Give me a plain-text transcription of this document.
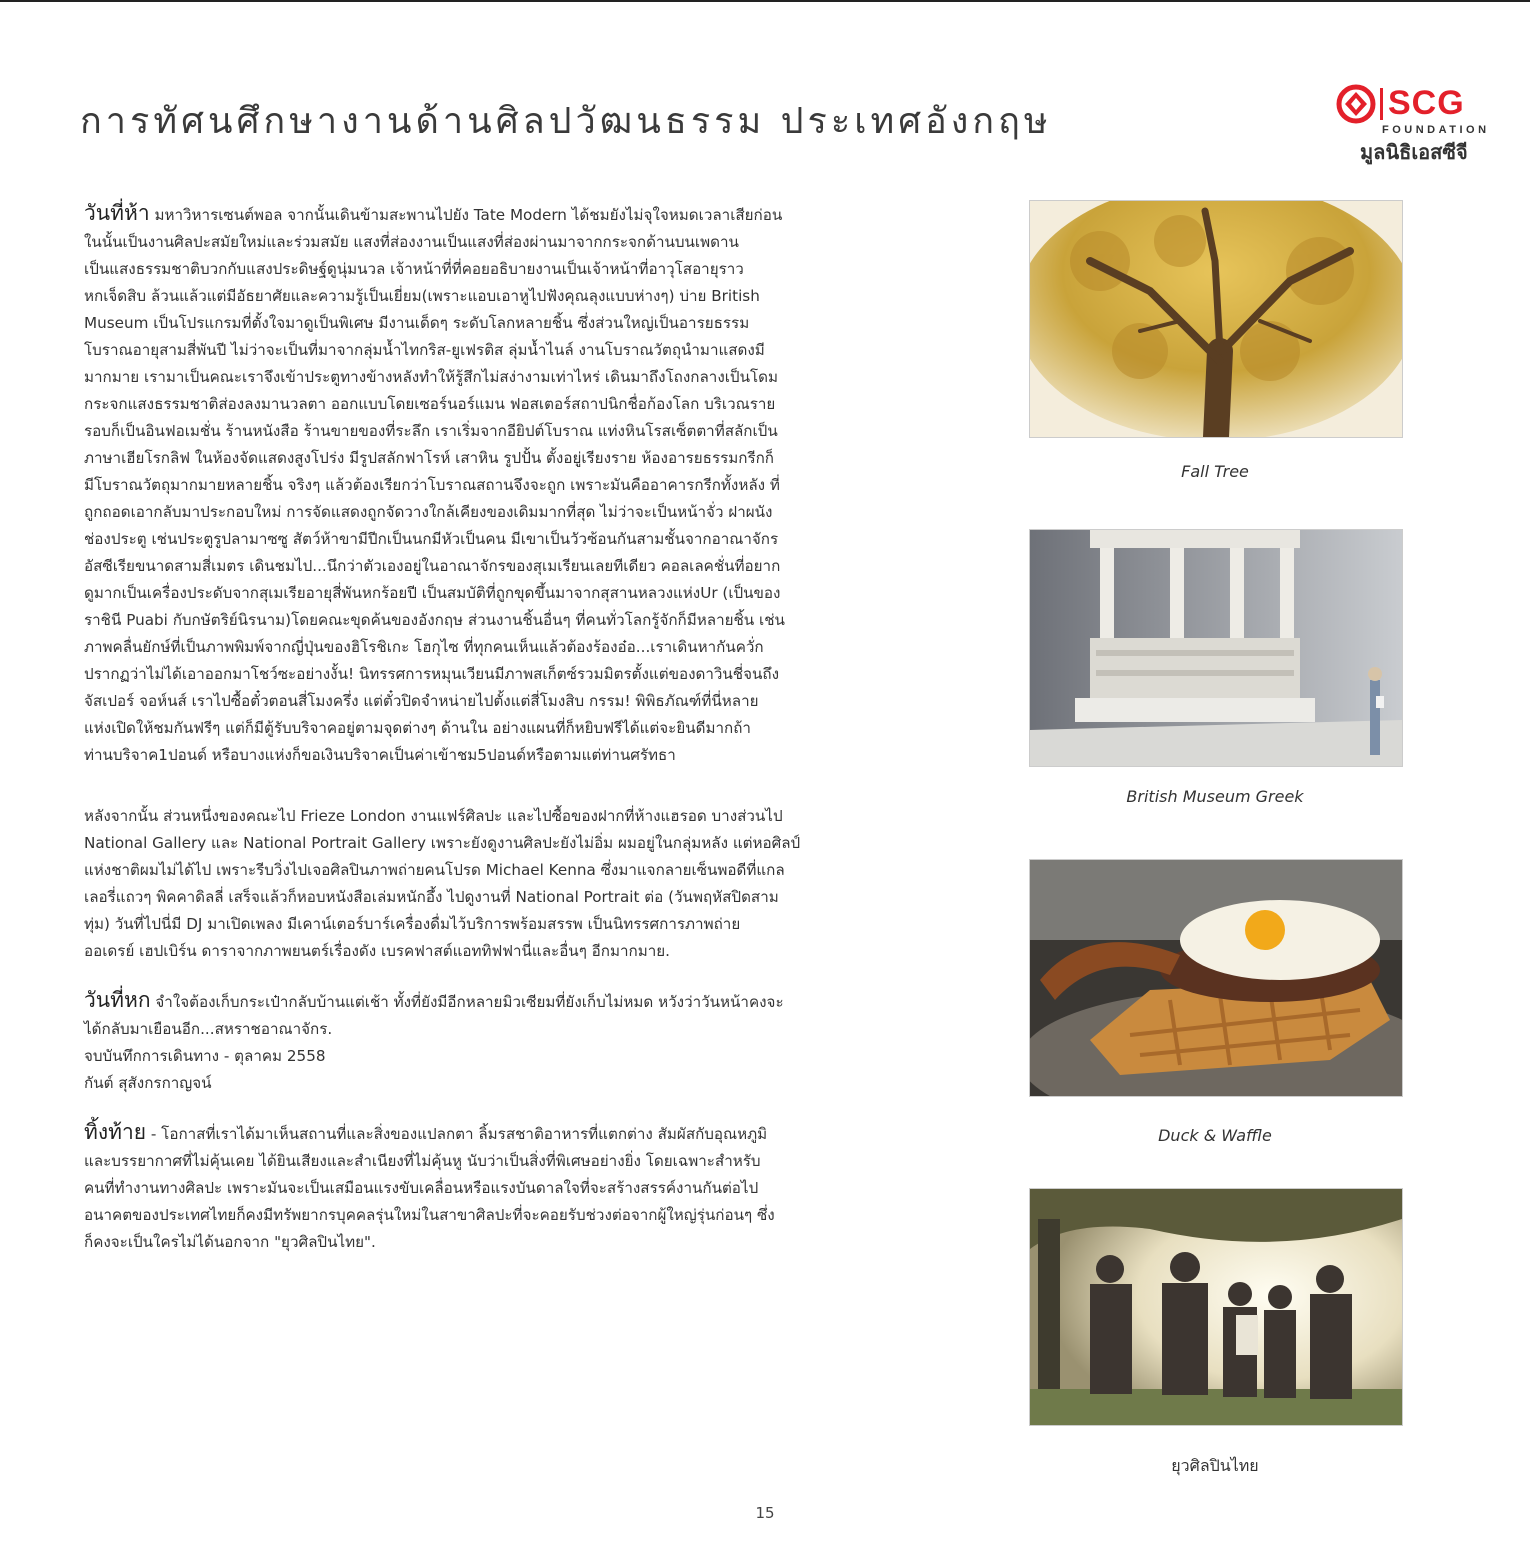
การทัศนศึกษางานด้านศิลปวัฒนธรรม ประเทศอังกฤษ	SCG
FOUNDATION
มูลนิธิเอสซีจี

วันที่ห้า มหาวิหารเซนต์พอล จากนั้นเดินข้ามสะพานไปยัง Tate Modern ได้ชมยังไม่จุใจหมดเวลาเสียก่อน
ในนั้นเป็นงานศิลปะสมัยใหม่และร่วมสมัย แสงที่ส่องงานเป็นแสงที่ส่องผ่านมาจากกระจกด้านบนเพดาน
เป็นแสงธรรมชาติบวกกับแสงประดิษฐ์ดูนุ่มนวล เจ้าหน้าที่ที่คอยอธิบายงานเป็นเจ้าหน้าที่อาวุโสอายุราว
หกเจ็ดสิบ ล้วนแล้วแต่มีอัธยาศัยและความรู้เป็นเยี่ยม(เพราะแอบเอาหูไปฟังคุณลุงแบบห่างๆ) บ่าย British
Museum เป็นโปรแกรมที่ตั้งใจมาดูเป็นพิเศษ มีงานเด็ดๆ ระดับโลกหลายชิ้น ซึ่งส่วนใหญ่เป็นอารยธรรม
โบราณอายุสามสี่พันปี ไม่ว่าจะเป็นที่มาจากลุ่มน้ำไทกริส-ยูเฟรติส ลุ่มน้ำไนล์ งานโบราณวัตถุนำมาแสดงมี
มากมาย เรามาเป็นคณะเราจึงเข้าประตูทางข้างหลังทำให้รู้สึกไม่สง่างามเท่าไหร่ เดินมาถึงโถงกลางเป็นโดม
กระจกแสงธรรมชาติส่องลงมานวลตา ออกแบบโดยเซอร์นอร์แมน ฟอสเตอร์สถาปนิกชื่อก้องโลก บริเวณราย
รอบก็เป็นอินฟอเมชั่น ร้านหนังสือ ร้านขายของที่ระลึก เราเริ่มจากอียิปต์โบราณ แท่งหินโรสเซ็ตตาที่สลักเป็น
ภาษาเฮียโรกลิฟ ในห้องจัดแสดงสูงโปร่ง มีรูปสลักฟาโรห์ เสาหิน รูปปั้น ตั้งอยู่เรียงราย ห้องอารยธรรมกรีกก็
มีโบราณวัตถุมากมายหลายชิ้น จริงๆ แล้วต้องเรียกว่าโบราณสถานจึงจะถูก เพราะมันคืออาคารกรีกทั้งหลัง ที่
ถูกถอดเอากลับมาประกอบใหม่ การจัดแสดงถูกจัดวางใกล้เคียงของเดิมมากที่สุด ไม่ว่าจะเป็นหน้าจั่ว ฝาผนัง
ช่องประตู เช่นประตูรูปลามาซซู สัตว์ห้าขามีปีกเป็นนกมีหัวเป็นคน มีเขาเป็นวัวซ้อนกันสามชั้นจากอาณาจักร
อัสซีเรียขนาดสามสี่เมตร เดินชมไป...นึกว่าตัวเองอยู่ในอาณาจักรของสุเมเรียนเลยทีเดียว คอลเลคชั่นที่อยาก
ดูมากเป็นเครื่องประดับจากสุเมเรียอายุสี่พันหกร้อยปี เป็นสมบัติที่ถูกขุดขึ้นมาจากสุสานหลวงแห่งUr (เป็นของ
ราชินี Puabi กับกษัตริย์นิรนาม)โดยคณะขุดค้นของอังกฤษ ส่วนงานชิ้นอื่นๆ ที่คนทั่วโลกรู้จักก็มีหลายชิ้น เช่น
ภาพคลื่นยักษ์ที่เป็นภาพพิมพ์จากญี่ปุ่นของฮิโรชิเกะ โฮกุไซ ที่ทุกคนเห็นแล้วต้องร้องอ๋อ...เราเดินหากันควั่ก
ปรากฏว่าไม่ได้เอาออกมาโชว์ซะอย่างงั้น! นิทรรศการหมุนเวียนมีภาพสเก็ตซ์รวมมิตรตั้งแต่ของดาวินชี่จนถึง
จัสเปอร์ จอห์นส์ เราไปซื้อตั๋วตอนสี่โมงครึ่ง แต่ตั๋วปิดจำหน่ายไปตั้งแต่สี่โมงสิบ กรรม! พิพิธภัณฑ์ที่นี่หลาย
แห่งเปิดให้ชมกันฟรีๆ แต่ก็มีตู้รับบริจาคอยู่ตามจุดต่างๆ ด้านใน อย่างแผนที่ก็หยิบฟรีได้แต่จะยินดีมากถ้า
ท่านบริจาค1ปอนด์ หรือบางแห่งก็ขอเงินบริจาคเป็นค่าเข้าชม5ปอนด์หรือตามแต่ท่านศรัทธา

หลังจากนั้น ส่วนหนึ่งของคณะไป Frieze London งานแฟร์ศิลปะ และไปซื้อของฝากที่ห้างแฮรอด บางส่วนไป
National Gallery และ National Portrait Gallery เพราะยังดูงานศิลปะยังไม่อิ่ม ผมอยู่ในกลุ่มหลัง แต่หอศิลป์
แห่งชาติผมไม่ได้ไป เพราะรีบวิ่งไปเจอศิลปินภาพถ่ายคนโปรด Michael Kenna ซึ่งมาแจกลายเซ็นพอดีที่แกล
เลอรี่แถวๆ พิคคาดิลลี่ เสร็จแล้วก็หอบหนังสือเล่มหนักอึ้ง ไปดูงานที่ National Portrait ต่อ (วันพฤหัสปิดสาม
ทุ่ม) วันที่ไปนี่มี DJ มาเปิดเพลง มีเคาน์เตอร์บาร์เครื่องดื่มไว้บริการพร้อมสรรพ เป็นนิทรรศการภาพถ่าย
ออเดรย์ เฮปเบิร์น ดาราจากภาพยนตร์เรื่องดัง เบรคฟาสต์แอททิฟฟานี่และอื่นๆ อีกมากมาย.

วันที่หก จำใจต้องเก็บกระเป๋ากลับบ้านแต่เช้า ทั้งที่ยังมีอีกหลายมิวเซียมที่ยังเก็บไม่หมด หวังว่าวันหน้าคงจะ
ได้กลับมาเยือนอีก...สหราชอาณาจักร.
จบบันทึกการเดินทาง - ตุลาคม 2558
กันต์ สุสังกรกาญจน์

ทิ้งท้าย - โอกาสที่เราได้มาเห็นสถานที่และสิ่งของแปลกตา ลิ้มรสชาติอาหารที่แตกต่าง สัมผัสกับอุณหภูมิ
และบรรยากาศที่ไม่คุ้นเคย ได้ยินเสียงและสำเนียงที่ไม่คุ้นหู นับว่าเป็นสิ่งที่พิเศษอย่างยิ่ง โดยเฉพาะสำหรับ
คนที่ทำงานทางศิลปะ เพราะมันจะเป็นเสมือนแรงขับเคลื่อนหรือแรงบันดาลใจที่จะสร้างสรรค์งานกันต่อไป
อนาคตของประเทศไทยก็คงมีทรัพยากรบุคคลรุ่นใหม่ในสาขาศิลปะที่จะคอยรับช่วงต่อจากผู้ใหญ่รุ่นก่อนๆ ซึ่ง
ก็คงจะเป็นใครไม่ได้นอกจาก "ยุวศิลปินไทย".

Fall Tree
British Museum Greek
Duck & Waffle
ยุวศิลปินไทย
15
